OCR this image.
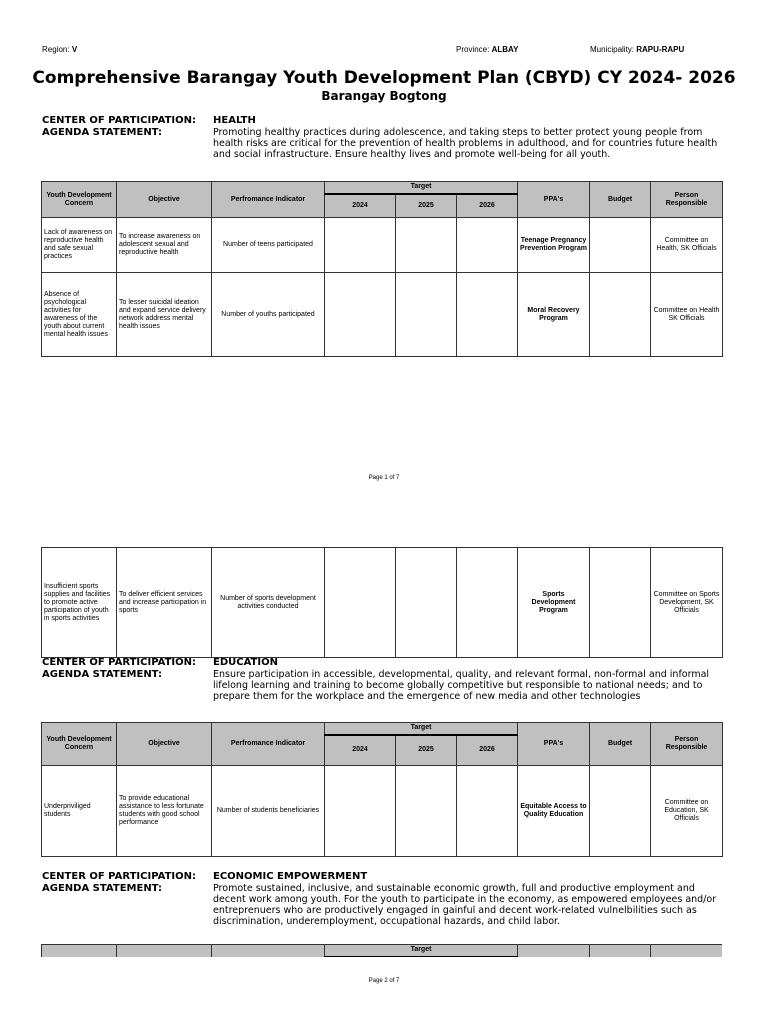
Region: V	Province: ALBAY	Municipality: RAPU-RAPU
Comprehensive Barangay Youth Development Plan (CBYD) CY 2024- 2026
Barangay Bogtong
CENTER OF PARTICIPATION: HEALTH
AGENDA STATEMENT:	Promoting healthy practices during adolescence, and taking steps to better protect young people from health risks are critical for the prevention of health problems in adulthood, and for countries future health and social infrastructure. Ensure healthy lives and promote well-being for all youth.
Youth Development Concern	Objective	Perfromance Indicator	Target			PPA's	Budget	Person Responsible
			2024	2025	2026			
Lack of awareness on reproductive health and safe sexual practices	To increase awareness on adolescent sexual and reproductive health	Number of teens participated				Teenage Pregnancy Prevention Program		Committee on Health, SK Officials
Absence of psychological activities for awareness of the youth about current mental health issues	To lesser suicidal ideation and expand service delivery network address mental health issues	Number of youths participated				Moral Recovery Program		Committee on Health SK Officials
Page 1 of 7
Insufficient sports supplies and facilities to promote active participation of youth in sports activities	To deliver efficient services and increase participation in sports	Number of sports development activities conducted				Sports Development Program		Committee on Sports Development, SK Officials
CENTER OF PARTICIPATION: EDUCATION
AGENDA STATEMENT:	Ensure participation in accessible, developmental, quality, and relevant formal, non-formal and informal lifelong learning and training to become globally competitive but responsible to national needs; and to prepare them for the workplace and the emergence of new media and other technologies
Youth Development Concern	Objective	Perfromance Indicator	Target			PPA's	Budget	Person Responsible
			2024	2025	2026			
Underpriviliged students	To provide educational assistance to less fortunate students with good school performance	Number of students beneficiaries				Equitable Access to Quality Education		Committee on Education, SK Officials
CENTER OF PARTICIPATION: ECONOMIC EMPOWERMENT
AGENDA STATEMENT:	Promote sustained, inclusive, and sustainable economic growth, full and productive employment and decent work among youth. For the youth to participate in the economy, as empowered employees and/or entreprenuers who are productively engaged in gainful and decent work-related vulnelbilities such as discrimination, underemployment, occupational hazards, and child labor.
			Target					

Page 2 of 7
